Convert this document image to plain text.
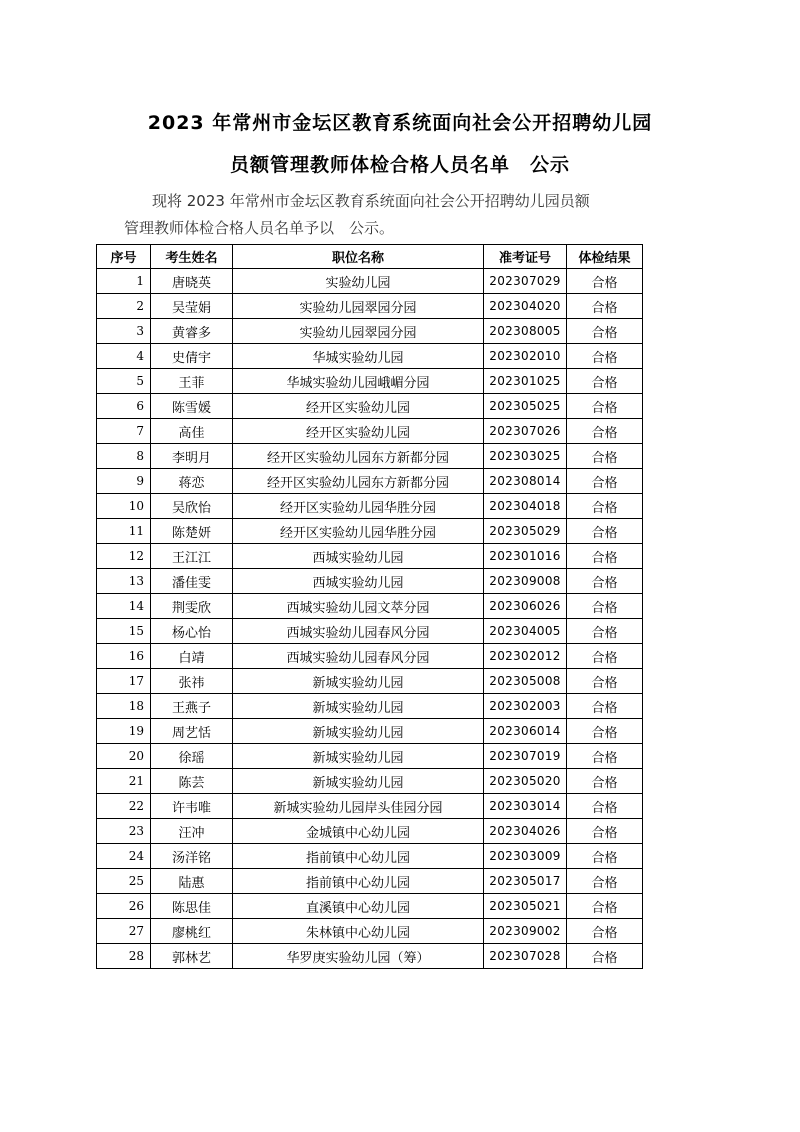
2023 年常州市金坛区教育系统面向社会公开招聘幼儿园
员额管理教师体检合格人员名单　公示
现将 2023 年常州市金坛区教育系统面向社会公开招聘幼儿园员额
管理教师体检合格人员名单予以　公示。
序号	考生姓名	职位名称	准考证号	体检结果
1	唐晓英	实验幼儿园	202307029	合格
2	吴莹娟	实验幼儿园翠园分园	202304020	合格
3	黄睿多	实验幼儿园翠园分园	202308005	合格
4	史倩宇	华城实验幼儿园	202302010	合格
5	王菲	华城实验幼儿园峨嵋分园	202301025	合格
6	陈雪媛	经开区实验幼儿园	202305025	合格
7	高佳	经开区实验幼儿园	202307026	合格
8	李明月	经开区实验幼儿园东方新都分园	202303025	合格
9	蒋恋	经开区实验幼儿园东方新都分园	202308014	合格
10	吴欣怡	经开区实验幼儿园华胜分园	202304018	合格
11	陈楚妍	经开区实验幼儿园华胜分园	202305029	合格
12	王江江	西城实验幼儿园	202301016	合格
13	潘佳雯	西城实验幼儿园	202309008	合格
14	荆雯欣	西城实验幼儿园文萃分园	202306026	合格
15	杨心怡	西城实验幼儿园春风分园	202304005	合格
16	白靖	西城实验幼儿园春风分园	202302012	合格
17	张祎	新城实验幼儿园	202305008	合格
18	王燕子	新城实验幼儿园	202302003	合格
19	周艺恬	新城实验幼儿园	202306014	合格
20	徐瑶	新城实验幼儿园	202307019	合格
21	陈芸	新城实验幼儿园	202305020	合格
22	许韦唯	新城实验幼儿园岸头佳园分园	202303014	合格
23	汪冲	金城镇中心幼儿园	202304026	合格
24	汤洋铭	指前镇中心幼儿园	202303009	合格
25	陆惠	指前镇中心幼儿园	202305017	合格
26	陈思佳	直溪镇中心幼儿园	202305021	合格
27	廖桃红	朱林镇中心幼儿园	202309002	合格
28	郭林艺	华罗庚实验幼儿园（筹）	202307028	合格
